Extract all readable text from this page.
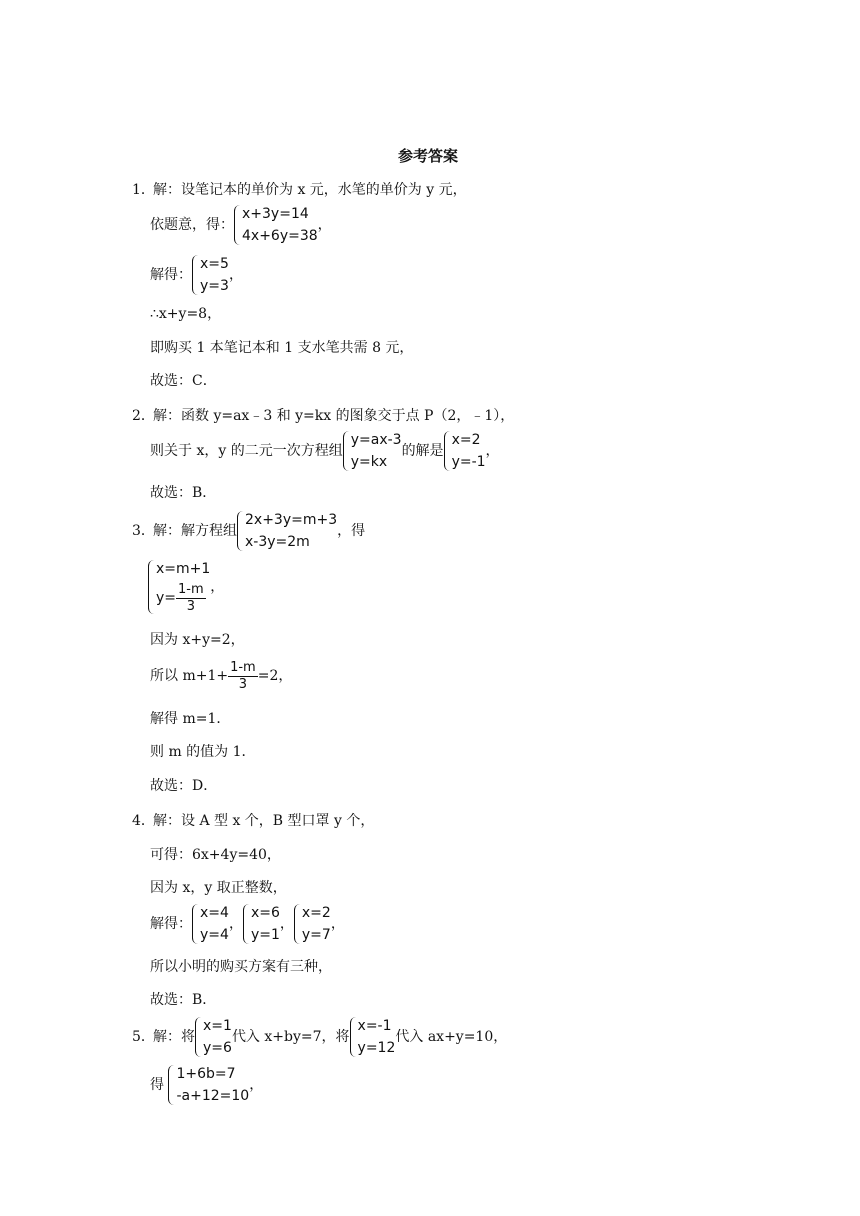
参考答案
1．
解：设笔记本的单价为 x 元，水笔的单价为 y 元，
依题意，得：
x+3y=14
4x+6y=38
，
解得：
x=5
y=3
，
∴x+y=8，
即购买 1 本笔记本和 1 支水笔共需 8 元，
故选：C．
2．
解：函数 y=ax﹣3 和 y=kx 的图象交于点 P（2，﹣1），
则关于 x，y 的二元一次方程组
y=ax-3
y=kx
的解是
x=2
y=-1
，
故选：B．
3．
解：解方程组
2x+3y=m+3
x-3y=2m
，得
x=m+1
$y= \frac{1-m}{3}$ ，
因为 x+y=2，
所以 $m+1+ \frac{1-m}{3} =2$，
解得 m=1．
则 m 的值为 1．
故选：D．
4．
解：设 A 型 x 个，B 型口罩 y 个，
可得：6x+4y=40，
因为 x，y 取正整数，
解得：
x=4
y=4
，
x=6
y=1
，
x=2
y=7
，
所以小明的购买方案有三种，
故选：B．
5．
解：将
x=1
y=6
代入 x+by=7，将
x=-1
y=12
代入 ax+y=10，
得
1+6b=7
-a+12=10
，
